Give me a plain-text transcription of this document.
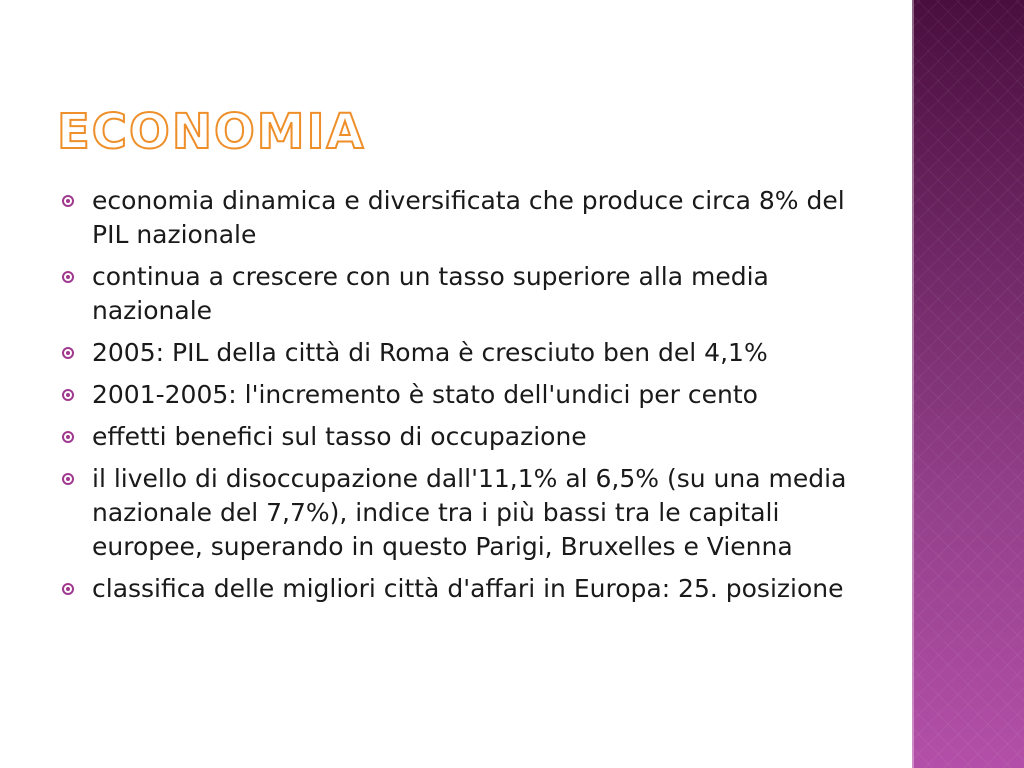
ECONOMIA
economia dinamica e diversificata che produce circa 8% del PIL nazionale
continua a crescere con un tasso superiore alla media nazionale
2005: PIL della città di Roma è cresciuto ben del 4,1%
2001-2005: l'incremento è stato dell'undici per cento
effetti benefici sul tasso di occupazione
il livello di disoccupazione dall'11,1% al 6,5% (su una media nazionale del 7,7%), indice tra i più bassi tra le capitali europee, superando in questo Parigi, Bruxelles e Vienna
classifica delle migliori città d'affari in Europa: 25. posizione
